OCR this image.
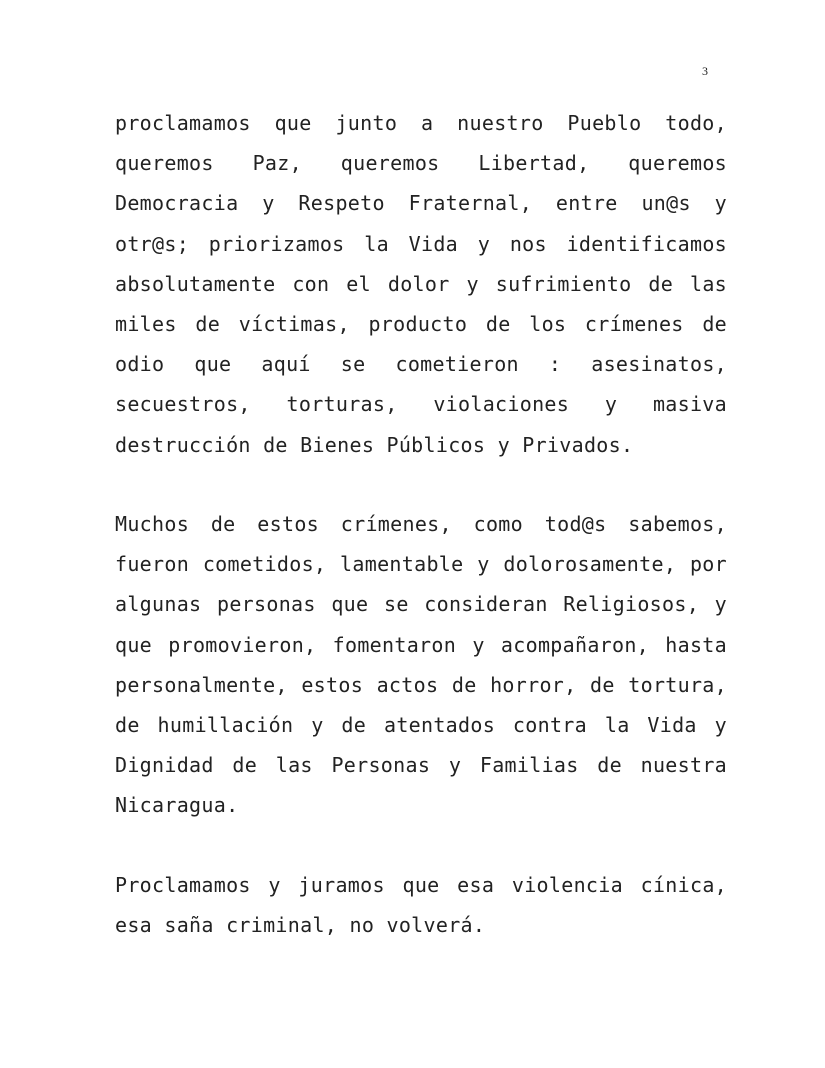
3

proclamamos que junto a nuestro Pueblo todo, queremos Paz, queremos Libertad, queremos Democracia y Respeto Fraternal, entre un@s y otr@s; priorizamos la Vida y nos identificamos absolutamente con el dolor y sufrimiento de las miles de víctimas, producto de los crímenes de odio que aquí se cometieron : asesinatos, secuestros, torturas, violaciones y masiva destrucción de Bienes Públicos y Privados.

Muchos de estos crímenes, como tod@s sabemos, fueron cometidos, lamentable y dolorosamente, por algunas personas que se consideran Religiosos, y que promovieron, fomentaron y acompañaron, hasta personalmente, estos actos de horror, de tortura, de humillación y de atentados contra la Vida y Dignidad de las Personas y Familias de nuestra Nicaragua.

Proclamamos y juramos que esa violencia cínica, esa saña criminal, no volverá.
